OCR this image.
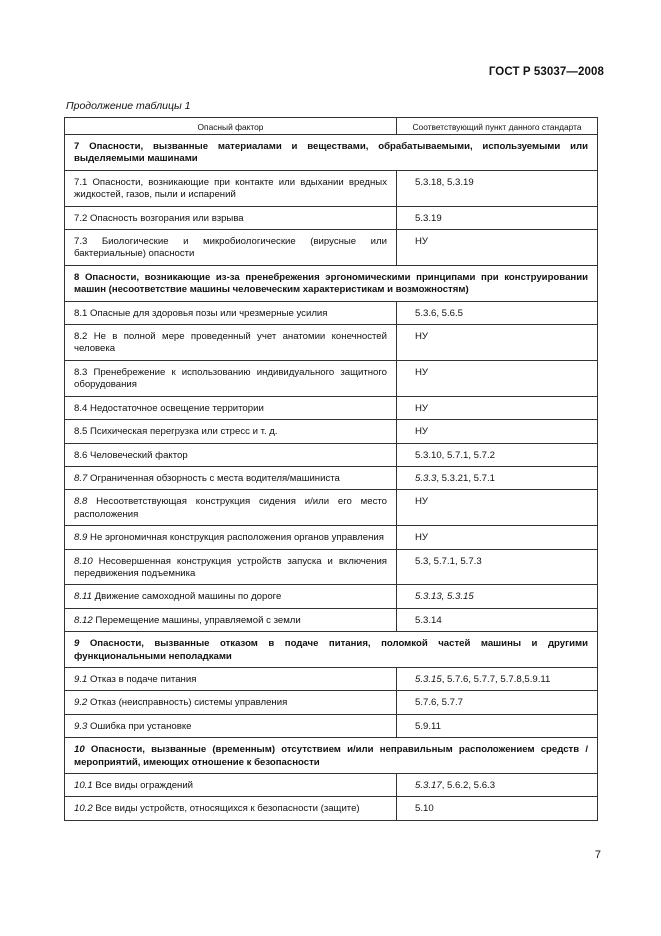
ГОСТ Р 53037—2008
Продолжение таблицы 1
Опасный фактор	Соответствующий пункт данного стандарта
7 Опасности, вызванные материалами и веществами, обрабатываемыми, используемыми или выделяемыми машинами	
7.1 Опасности, возникающие при контакте или вдыхании вредных жидкостей, газов, пыли и испарений	5.3.18, 5.3.19
7.2 Опасность возгорания или взрыва	5.3.19
7.3 Биологические и микробиологические (вирусные или бактериальные) опасности	НУ
8 Опасности, возникающие из-за пренебрежения эргономическими принципами при конструировании машин (несоответствие машины человеческим характеристикам и возможностям)	
8.1 Опасные для здоровья позы или чрезмерные усилия	5.3.6, 5.6.5
8.2 Не в полной мере проведенный учет анатомии конечностей человека	НУ
8.3 Пренебрежение к использованию индивидуального защитного оборудования	НУ
8.4 Недостаточное освещение территории	НУ
8.5 Психическая перегрузка или стресс и т. д.	НУ
8.6 Человеческий фактор	5.3.10, 5.7.1, 5.7.2
8.7 Ограниченная обзорность с места водителя/машиниста	5.3.3, 5.3.21, 5.7.1
8.8 Несоответствующая конструкция сидения и/или его место расположения	НУ
8.9 Не эргономичная конструкция расположения органов управления	НУ
8.10 Несовершенная конструкция устройств запуска и включения передвижения подъемника	5.3, 5.7.1, 5.7.3
8.11 Движение самоходной машины по дороге	5.3.13, 5.3.15
8.12 Перемещение машины, управляемой с земли	5.3.14
9 Опасности, вызванные отказом в подаче питания, поломкой частей машины и другими функциональными неполадками	
9.1 Отказ в подаче питания	5.3.15, 5.7.6, 5.7.7, 5.7.8,5.9.11
9.2 Отказ (неисправность) системы управления	5.7.6, 5.7.7
9.3 Ошибка при установке	5.9.11
10 Опасности, вызванные (временным) отсутствием и/или неправильным расположением средств / мероприятий, имеющих отношение к безопасности	
10.1 Все виды ограждений	5.3.17, 5.6.2, 5.6.3
10.2 Все виды устройств, относящихся к безопасности (защите)	5.10
7
